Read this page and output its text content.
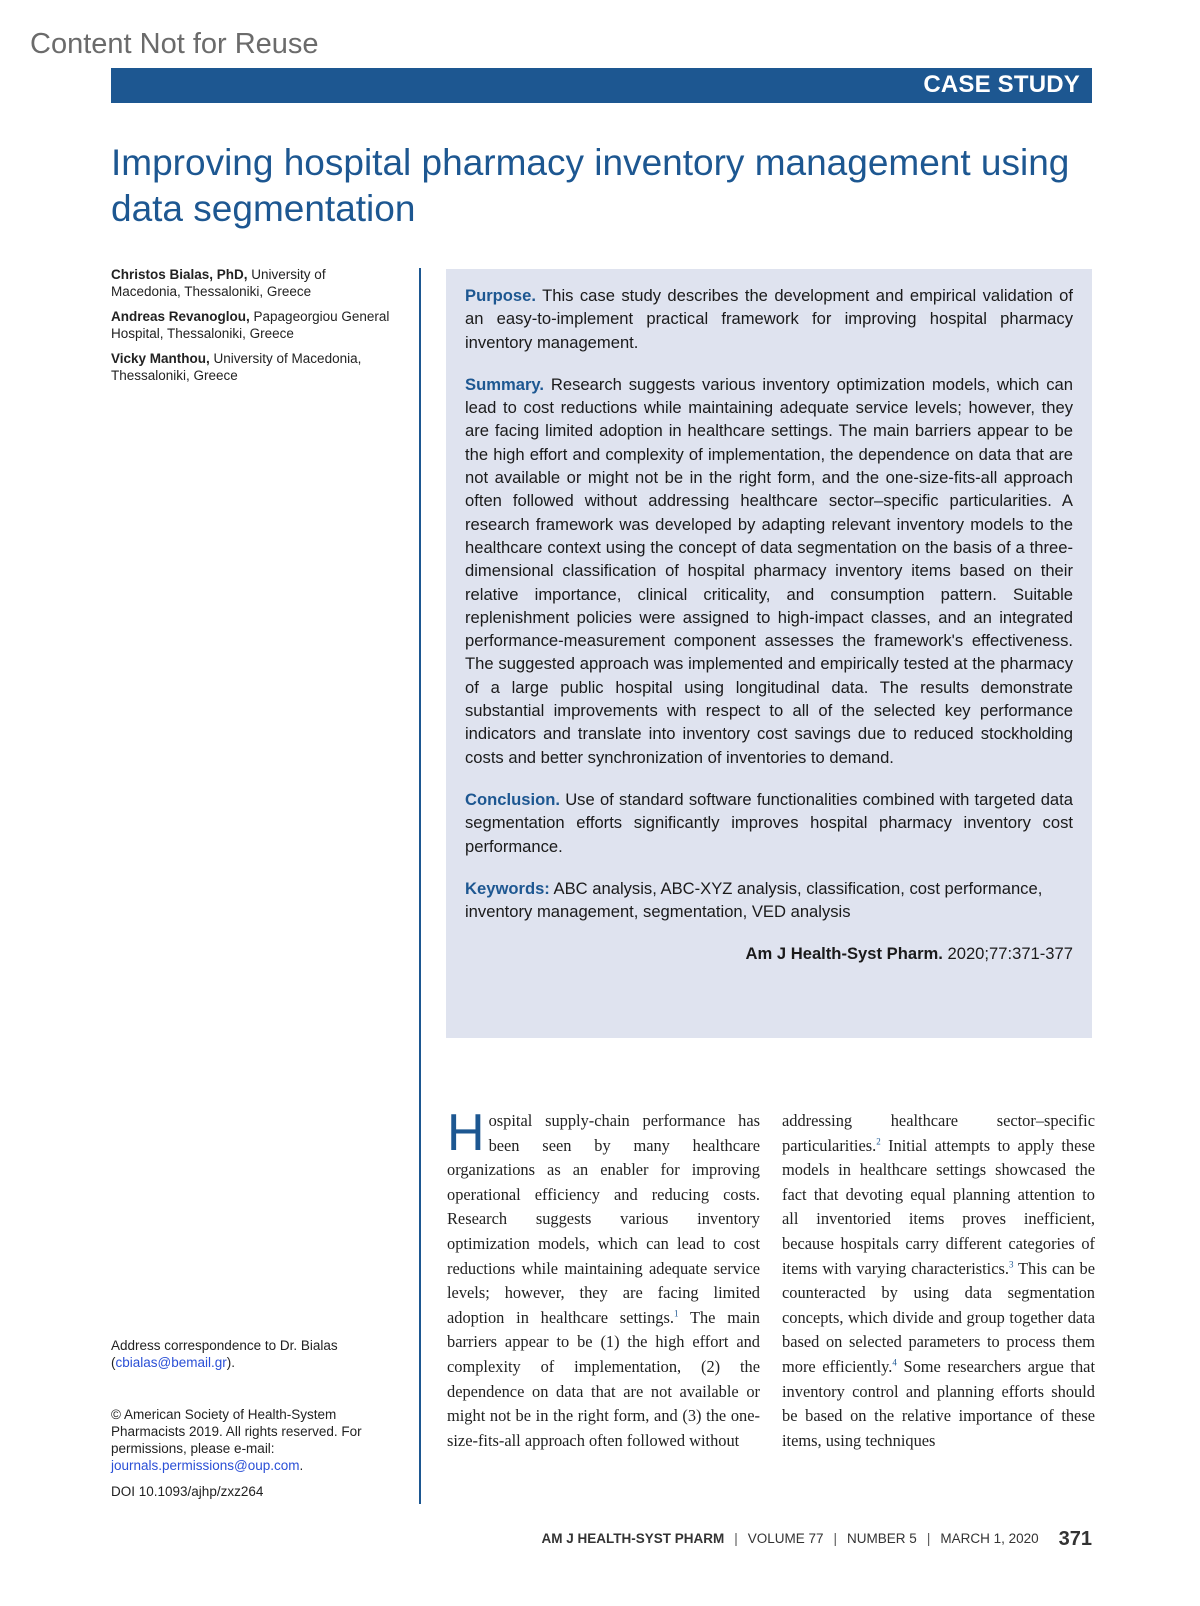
Content Not for Reuse
CASE STUDY
Improving hospital pharmacy inventory management using data segmentation

Christos Bialas, PhD, University of Macedonia, Thessaloniki, Greece

Andreas Revanoglou, Papageorgiou General Hospital, Thessaloniki, Greece

Vicky Manthou, University of Macedonia, Thessaloniki, Greece

Purpose. This case study describes the development and empirical validation of an easy-to-implement practical framework for improving hospital pharmacy inventory management.

Summary. Research suggests various inventory optimization models, which can lead to cost reductions while maintaining adequate service levels; however, they are facing limited adoption in healthcare settings. The main barriers appear to be the high effort and complexity of implementation, the dependence on data that are not available or might not be in the right form, and the one-size-fits-all approach often followed without addressing healthcare sector–specific particularities. A research framework was developed by adapting relevant inventory models to the healthcare context using the concept of data segmentation on the basis of a three-dimensional classification of hospital pharmacy inventory items based on their relative importance, clinical criticality, and consumption pattern. Suitable replenishment policies were assigned to high-impact classes, and an integrated performance-measurement component assesses the framework's effectiveness. The suggested approach was implemented and empirically tested at the pharmacy of a large public hospital using longitudinal data. The results demonstrate substantial improvements with respect to all of the selected key performance indicators and translate into inventory cost savings due to reduced stockholding costs and better synchronization of inventories to demand.

Conclusion. Use of standard software functionalities combined with targeted data segmentation efforts significantly improves hospital pharmacy inventory cost performance.

Keywords: ABC analysis, ABC-XYZ analysis, classification, cost performance, inventory management, segmentation, VED analysis

Am J Health-Syst Pharm. 2020;77:371-377

Hospital supply-chain performance has been seen by many healthcare organizations as an enabler for improving operational efficiency and reducing costs. Research suggests various inventory optimization models, which can lead to cost reductions while maintaining adequate service levels; however, they are facing limited adoption in healthcare settings.$^1$ The main barriers appear to be (1) the high effort and complexity of implementation, (2) the dependence on data that are not available or might not be in the right form, and (3) the one-size-fits-all approach often followed without
addressing healthcare sector–specific particularities.$^2$ Initial attempts to apply these models in healthcare settings showcased the fact that devoting equal planning attention to all inventoried items proves inefficient, because hospitals carry different categories of items with varying characteristics.$^3$ This can be counteracted by using data segmentation concepts, which divide and group together data based on selected parameters to process them more efficiently.$^4$ Some researchers argue that inventory control and planning efforts should be based on the relative importance of these items, using techniques
Address correspondence to Dr. Bialas (cbialas@bemail.gr).
© American Society of Health-System Pharmacists 2019. All rights reserved. For permissions, please e-mail: journals.permissions@oup.com.
DOI 10.1093/ajhp/zxz264
AM J HEALTH-SYST PHARM | VOLUME 77 | NUMBER 5 | MARCH 1, 2020 371
